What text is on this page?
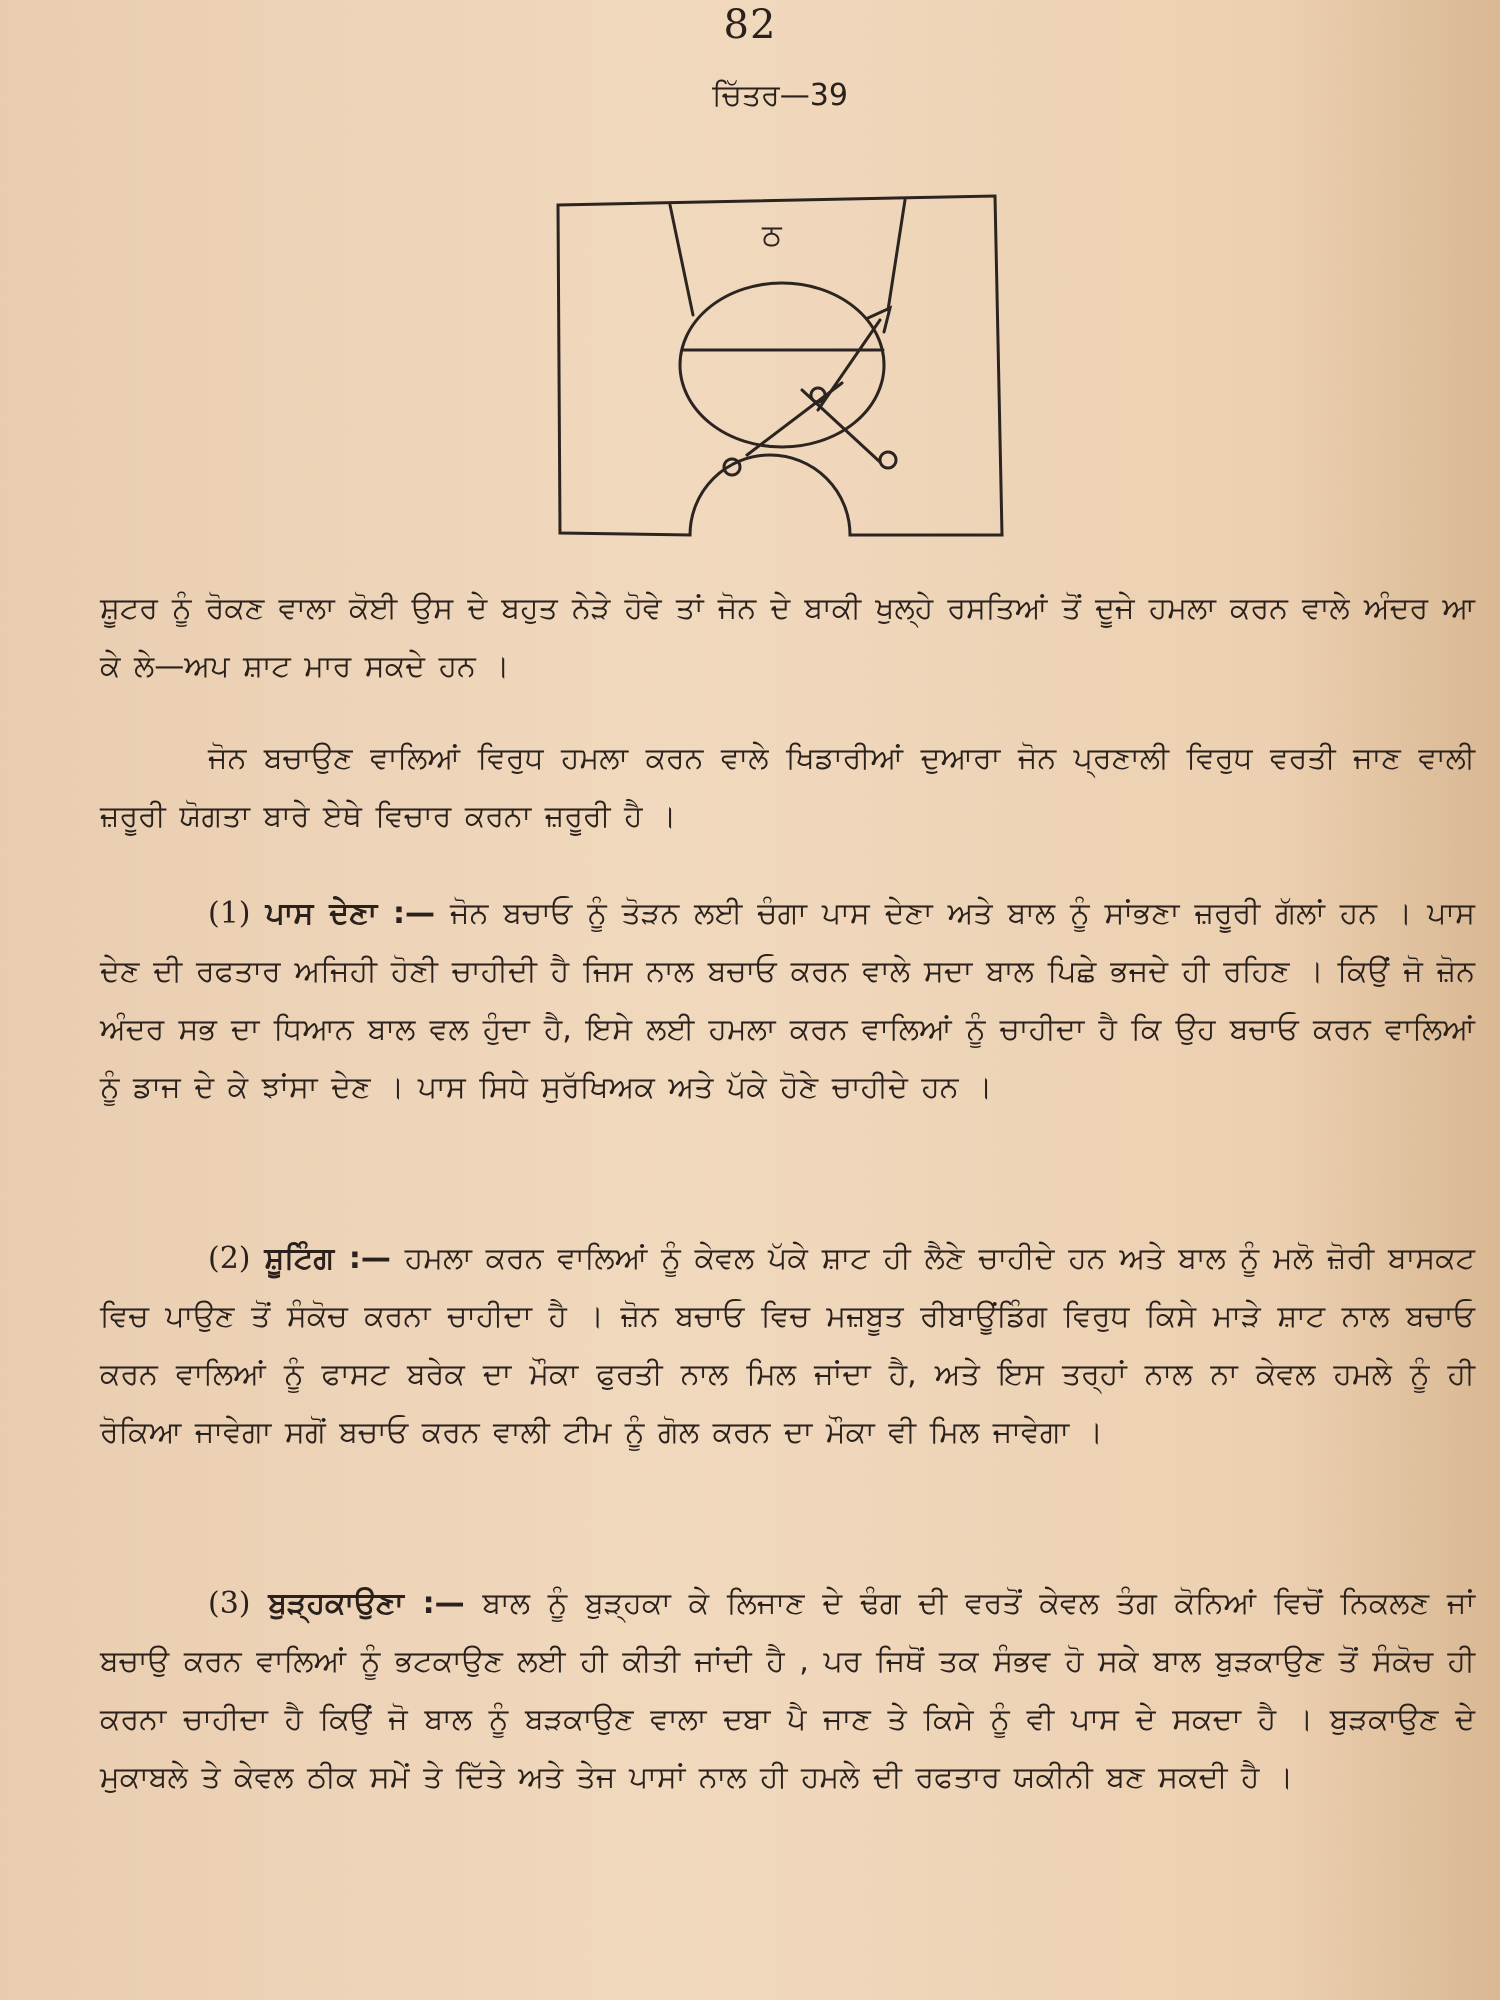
82
ਚਿੱਤਰ—39
ਠ
ਸ਼ੂਟਰ ਨੂੰ ਰੋਕਣ ਵਾਲਾ ਕੋਈ ਉਸ ਦੇ ਬਹੁਤ ਨੇੜੇ ਹੋਵੇ ਤਾਂ ਜੋਨ ਦੇ ਬਾਕੀ ਖੁਲ੍ਹੇ ਰਸਤਿਆਂ ਤੋਂ ਦੂਜੇ ਹਮਲਾ ਕਰਨ ਵਾਲੇ ਅੰਦਰ ਆ ਕੇ ਲੇ—ਅਪ ਸ਼ਾਟ ਮਾਰ ਸਕਦੇ ਹਨ ।
ਜੋਨ ਬਚਾਉਣ ਵਾਲਿਆਂ ਵਿਰੁਧ ਹਮਲਾ ਕਰਨ ਵਾਲੇ ਖਿਡਾਰੀਆਂ ਦੁਆਰਾ ਜੋਨ ਪ੍ਰਣਾਲੀ ਵਿਰੁਧ ਵਰਤੀ ਜਾਣ ਵਾਲੀ ਜ਼ਰੂਰੀ ਯੋਗਤਾ ਬਾਰੇ ਏਥੇ ਵਿਚਾਰ ਕਰਨਾ ਜ਼ਰੂਰੀ ਹੈ ।
(1) ਪਾਸ ਦੇਣਾ :— ਜੋਨ ਬਚਾਓ ਨੂੰ ਤੋੜਨ ਲਈ ਚੰਗਾ ਪਾਸ ਦੇਣਾ ਅਤੇ ਬਾਲ ਨੂੰ ਸਾਂਭਣਾ ਜ਼ਰੂਰੀ ਗੱਲਾਂ ਹਨ । ਪਾਸ ਦੇਣ ਦੀ ਰਫਤਾਰ ਅਜਿਹੀ ਹੋਣੀ ਚਾਹੀਦੀ ਹੈ ਜਿਸ ਨਾਲ ਬਚਾਓ ਕਰਨ ਵਾਲੇ ਸਦਾ ਬਾਲ ਪਿਛੇ ਭਜਦੇ ਹੀ ਰਹਿਣ । ਕਿਉਂ ਜੋ ਜ਼ੋਨ ਅੰਦਰ ਸਭ ਦਾ ਧਿਆਨ ਬਾਲ ਵਲ ਹੁੰਦਾ ਹੈ, ਇਸੇ ਲਈ ਹਮਲਾ ਕਰਨ ਵਾਲਿਆਂ ਨੂੰ ਚਾਹੀਦਾ ਹੈ ਕਿ ਉਹ ਬਚਾਓ ਕਰਨ ਵਾਲਿਆਂ ਨੂੰ ਡਾਜ ਦੇ ਕੇ ਝਾਂਸਾ ਦੇਣ । ਪਾਸ ਸਿਧੇ ਸੁਰੱਖਿਅਕ ਅਤੇ ਪੱਕੇ ਹੋਣੇ ਚਾਹੀਦੇ ਹਨ ।
(2) ਸ਼ੂਟਿੰਗ :— ਹਮਲਾ ਕਰਨ ਵਾਲਿਆਂ ਨੂੰ ਕੇਵਲ ਪੱਕੇ ਸ਼ਾਟ ਹੀ ਲੈਣੇ ਚਾਹੀਦੇ ਹਨ ਅਤੇ ਬਾਲ ਨੂੰ ਮਲੋ ਜ਼ੋਰੀ ਬਾਸਕਟ ਵਿਚ ਪਾਉਣ ਤੋਂ ਸੰਕੋਚ ਕਰਨਾ ਚਾਹੀਦਾ ਹੈ । ਜ਼ੋਨ ਬਚਾਓ ਵਿਚ ਮਜ਼ਬੂਤ ਰੀਬਾਊਂਡਿੰਗ ਵਿਰੁਧ ਕਿਸੇ ਮਾੜੇ ਸ਼ਾਟ ਨਾਲ ਬਚਾਓ ਕਰਨ ਵਾਲਿਆਂ ਨੂੰ ਫਾਸਟ ਬਰੇਕ ਦਾ ਮੌਕਾ ਫੁਰਤੀ ਨਾਲ ਮਿਲ ਜਾਂਦਾ ਹੈ, ਅਤੇ ਇਸ ਤਰ੍ਹਾਂ ਨਾਲ ਨਾ ਕੇਵਲ ਹਮਲੇ ਨੂੰ ਹੀ ਰੋਕਿਆ ਜਾਵੇਗਾ ਸਗੋਂ ਬਚਾਓ ਕਰਨ ਵਾਲੀ ਟੀਮ ਨੂੰ ਗੋਲ ਕਰਨ ਦਾ ਮੌਕਾ ਵੀ ਮਿਲ ਜਾਵੇਗਾ ।
(3) ਬੁੜ੍ਹਕਾਉਣਾ :— ਬਾਲ ਨੂੰ ਬੁੜ੍ਹਕਾ ਕੇ ਲਿਜਾਣ ਦੇ ਢੰਗ ਦੀ ਵਰਤੋਂ ਕੇਵਲ ਤੰਗ ਕੋਨਿਆਂ ਵਿਚੋਂ ਨਿਕਲਣ ਜਾਂ ਬਚਾਉ ਕਰਨ ਵਾਲਿਆਂ ਨੂੰ ਭਟਕਾਉਣ ਲਈ ਹੀ ਕੀਤੀ ਜਾਂਦੀ ਹੈ , ਪਰ ਜਿਥੋਂ ਤਕ ਸੰਭਵ ਹੋ ਸਕੇ ਬਾਲ ਬੁੜਕਾਉਣ ਤੋਂ ਸੰਕੋਚ ਹੀ ਕਰਨਾ ਚਾਹੀਦਾ ਹੈ ਕਿਉਂ ਜੋ ਬਾਲ ਨੂੰ ਬੜਕਾਉਣ ਵਾਲਾ ਦਬਾ ਪੈ ਜਾਣ ਤੇ ਕਿਸੇ ਨੂੰ ਵੀ ਪਾਸ ਦੇ ਸਕਦਾ ਹੈ । ਬੁੜਕਾਉਣ ਦੇ ਮੁਕਾਬਲੇ ਤੇ ਕੇਵਲ ਠੀਕ ਸਮੇਂ ਤੇ ਦਿੱਤੇ ਅਤੇ ਤੇਜ ਪਾਸਾਂ ਨਾਲ ਹੀ ਹਮਲੇ ਦੀ ਰਫਤਾਰ ਯਕੀਨੀ ਬਣ ਸਕਦੀ ਹੈ ।
